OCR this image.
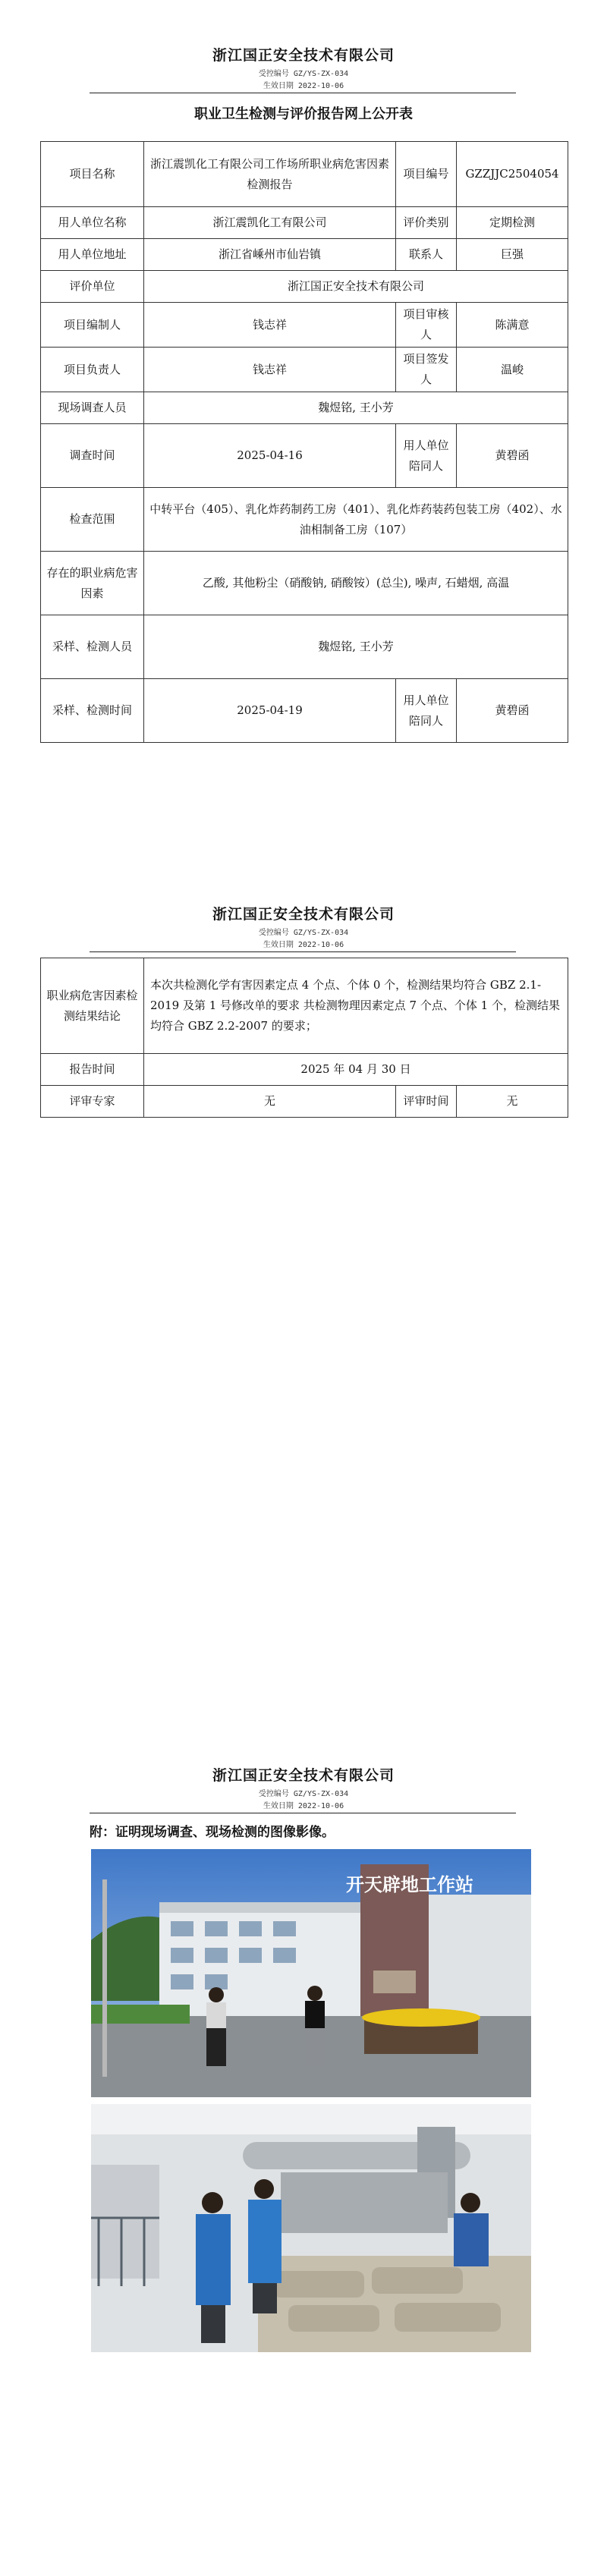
浙江国正安全技术有限公司
受控编号 GZ/YS-ZX-034
生效日期 2022-10-06
职业卫生检测与评价报告网上公开表
项目名称	浙江震凯化工有限公司工作场所职业病危害因素检测报告	项目编号	GZZJJC2504054
用人单位名称	浙江震凯化工有限公司	评价类别	定期检测
用人单位地址	浙江省嵊州市仙岩镇	联系人	巨强
评价单位	浙江国正安全技术有限公司		
项目编制人	钱志祥	项目审核人	陈满意
项目负责人	钱志祥	项目签发人	温峻
现场调查人员	魏煜铭, 王小芳		
调查时间	2025-04-16	用人单位陪同人	黄碧函
检查范围	中转平台（405）、乳化炸药制药工房（401）、乳化炸药装药包装工房（402）、水油相制备工房（107）		
存在的职业病危害因素	乙酸, 其他粉尘（硝酸钠, 硝酸铵）(总尘), 噪声, 石蜡烟, 高温		
采样、检测人员	魏煜铭, 王小芳		
采样、检测时间	2025-04-19	用人单位陪同人	黄碧函
浙江国正安全技术有限公司
受控编号 GZ/YS-ZX-034
生效日期 2022-10-06
职业病危害因素检测结果结论	本次共检测化学有害因素定点 4 个点、个体 0 个，检测结果均符合 GBZ 2.1-2019 及第 1 号修改单的要求 共检测物理因素定点 7 个点、个体 1 个，检测结果均符合 GBZ 2.2-2007 的要求；		
报告时间	2025 年 04 月 30 日		
评审专家	无	评审时间	无
浙江国正安全技术有限公司
受控编号 GZ/YS-ZX-034
生效日期 2022-10-06
附：证明现场调查、现场检测的图像影像。
开天辟地工作站
